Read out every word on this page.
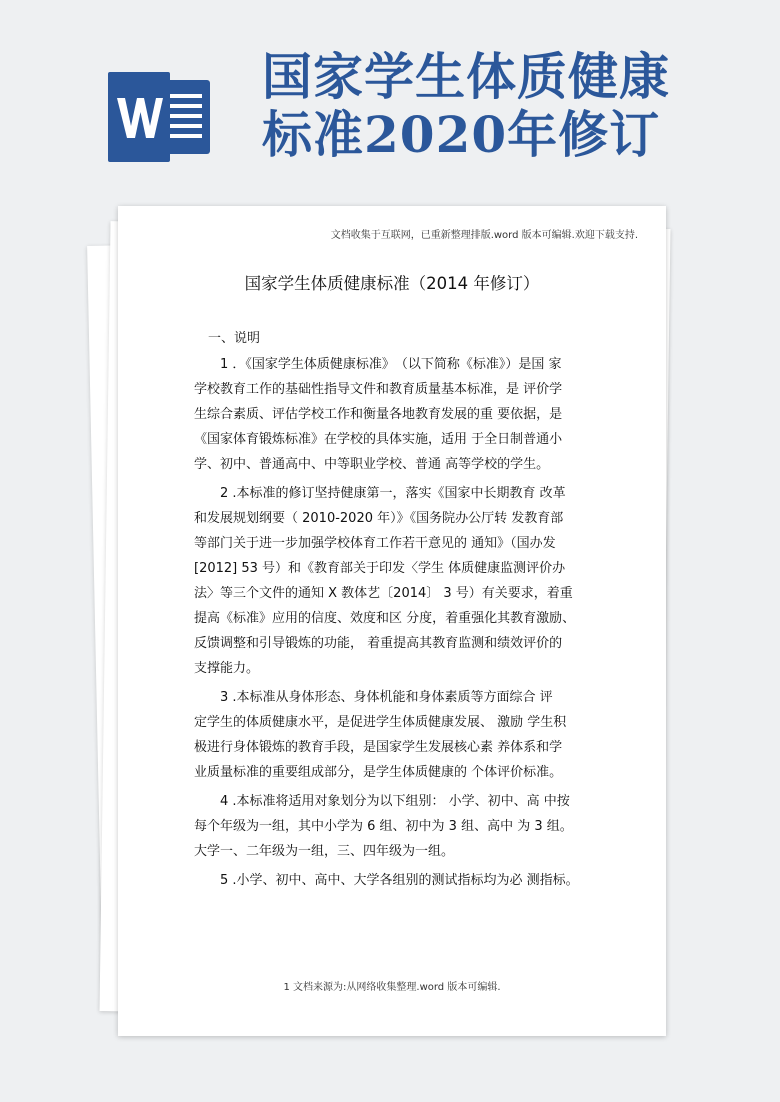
国家学生体质健康
标准2020年修订
文档收集于互联网，已重新整理排版.word 版本可编辑.欢迎下载支持.
国家学生体质健康标准（2014 年修订）
一、说明

1 ．《国家学生体质健康标准》　（以下简称《标准》）是国 家
学校教育工作的基础性指导文件和教育质量基本标准，是 评价学
生综合素质、评估学校工作和衡量各地教育发展的重 要依据，是
《国家体育锻炼标准》在学校的具体实施，适用 于全日制普通小
学、初中、普通高中、中等职业学校、普通 高等学校的学生。

2 .本标准的修订坚持健康第一，落实《国家中长期教育 改革
和发展规划纲要（ 2010-2020 年）》《国务院办公厅转 发教育部
等部门关于进一步加强学校体育工作若干意见的 通知》（国办发
[2012] 53 号）和《教育部关于印发〈学生 体质健康监测评价办
法〉等三个文件的通知 X 教体艺〔2014〕 3 号）有关要求，着重
提高《标准》应用的信度、效度和区 分度，着重强化其教育激励、
反馈调整和引导锻炼的功能， 着重提高其教育监测和绩效评价的
支撑能力。

3 .本标准从身体形态、身体机能和身体素质等方面综合 评
定学生的体质健康水平，是促进学生体质健康发展、 激励 学生积
极进行身体锻炼的教育手段，是国家学生发展核心素 养体系和学
业质量标准的重要组成部分，是学生体质健康的 个体评价标准。

4 .本标准将适用对象划分为以下组别： 小学、初中、高 中按
每个年级为一组，其中小学为 6 组、初中为 3 组、高中 为 3 组。
大学一、二年级为一组，三、四年级为一组。

5 .小学、初中、高中、大学各组别的测试指标均为必 测指标。

1 文档来源为:从网络收集整理.word 版本可编辑.
